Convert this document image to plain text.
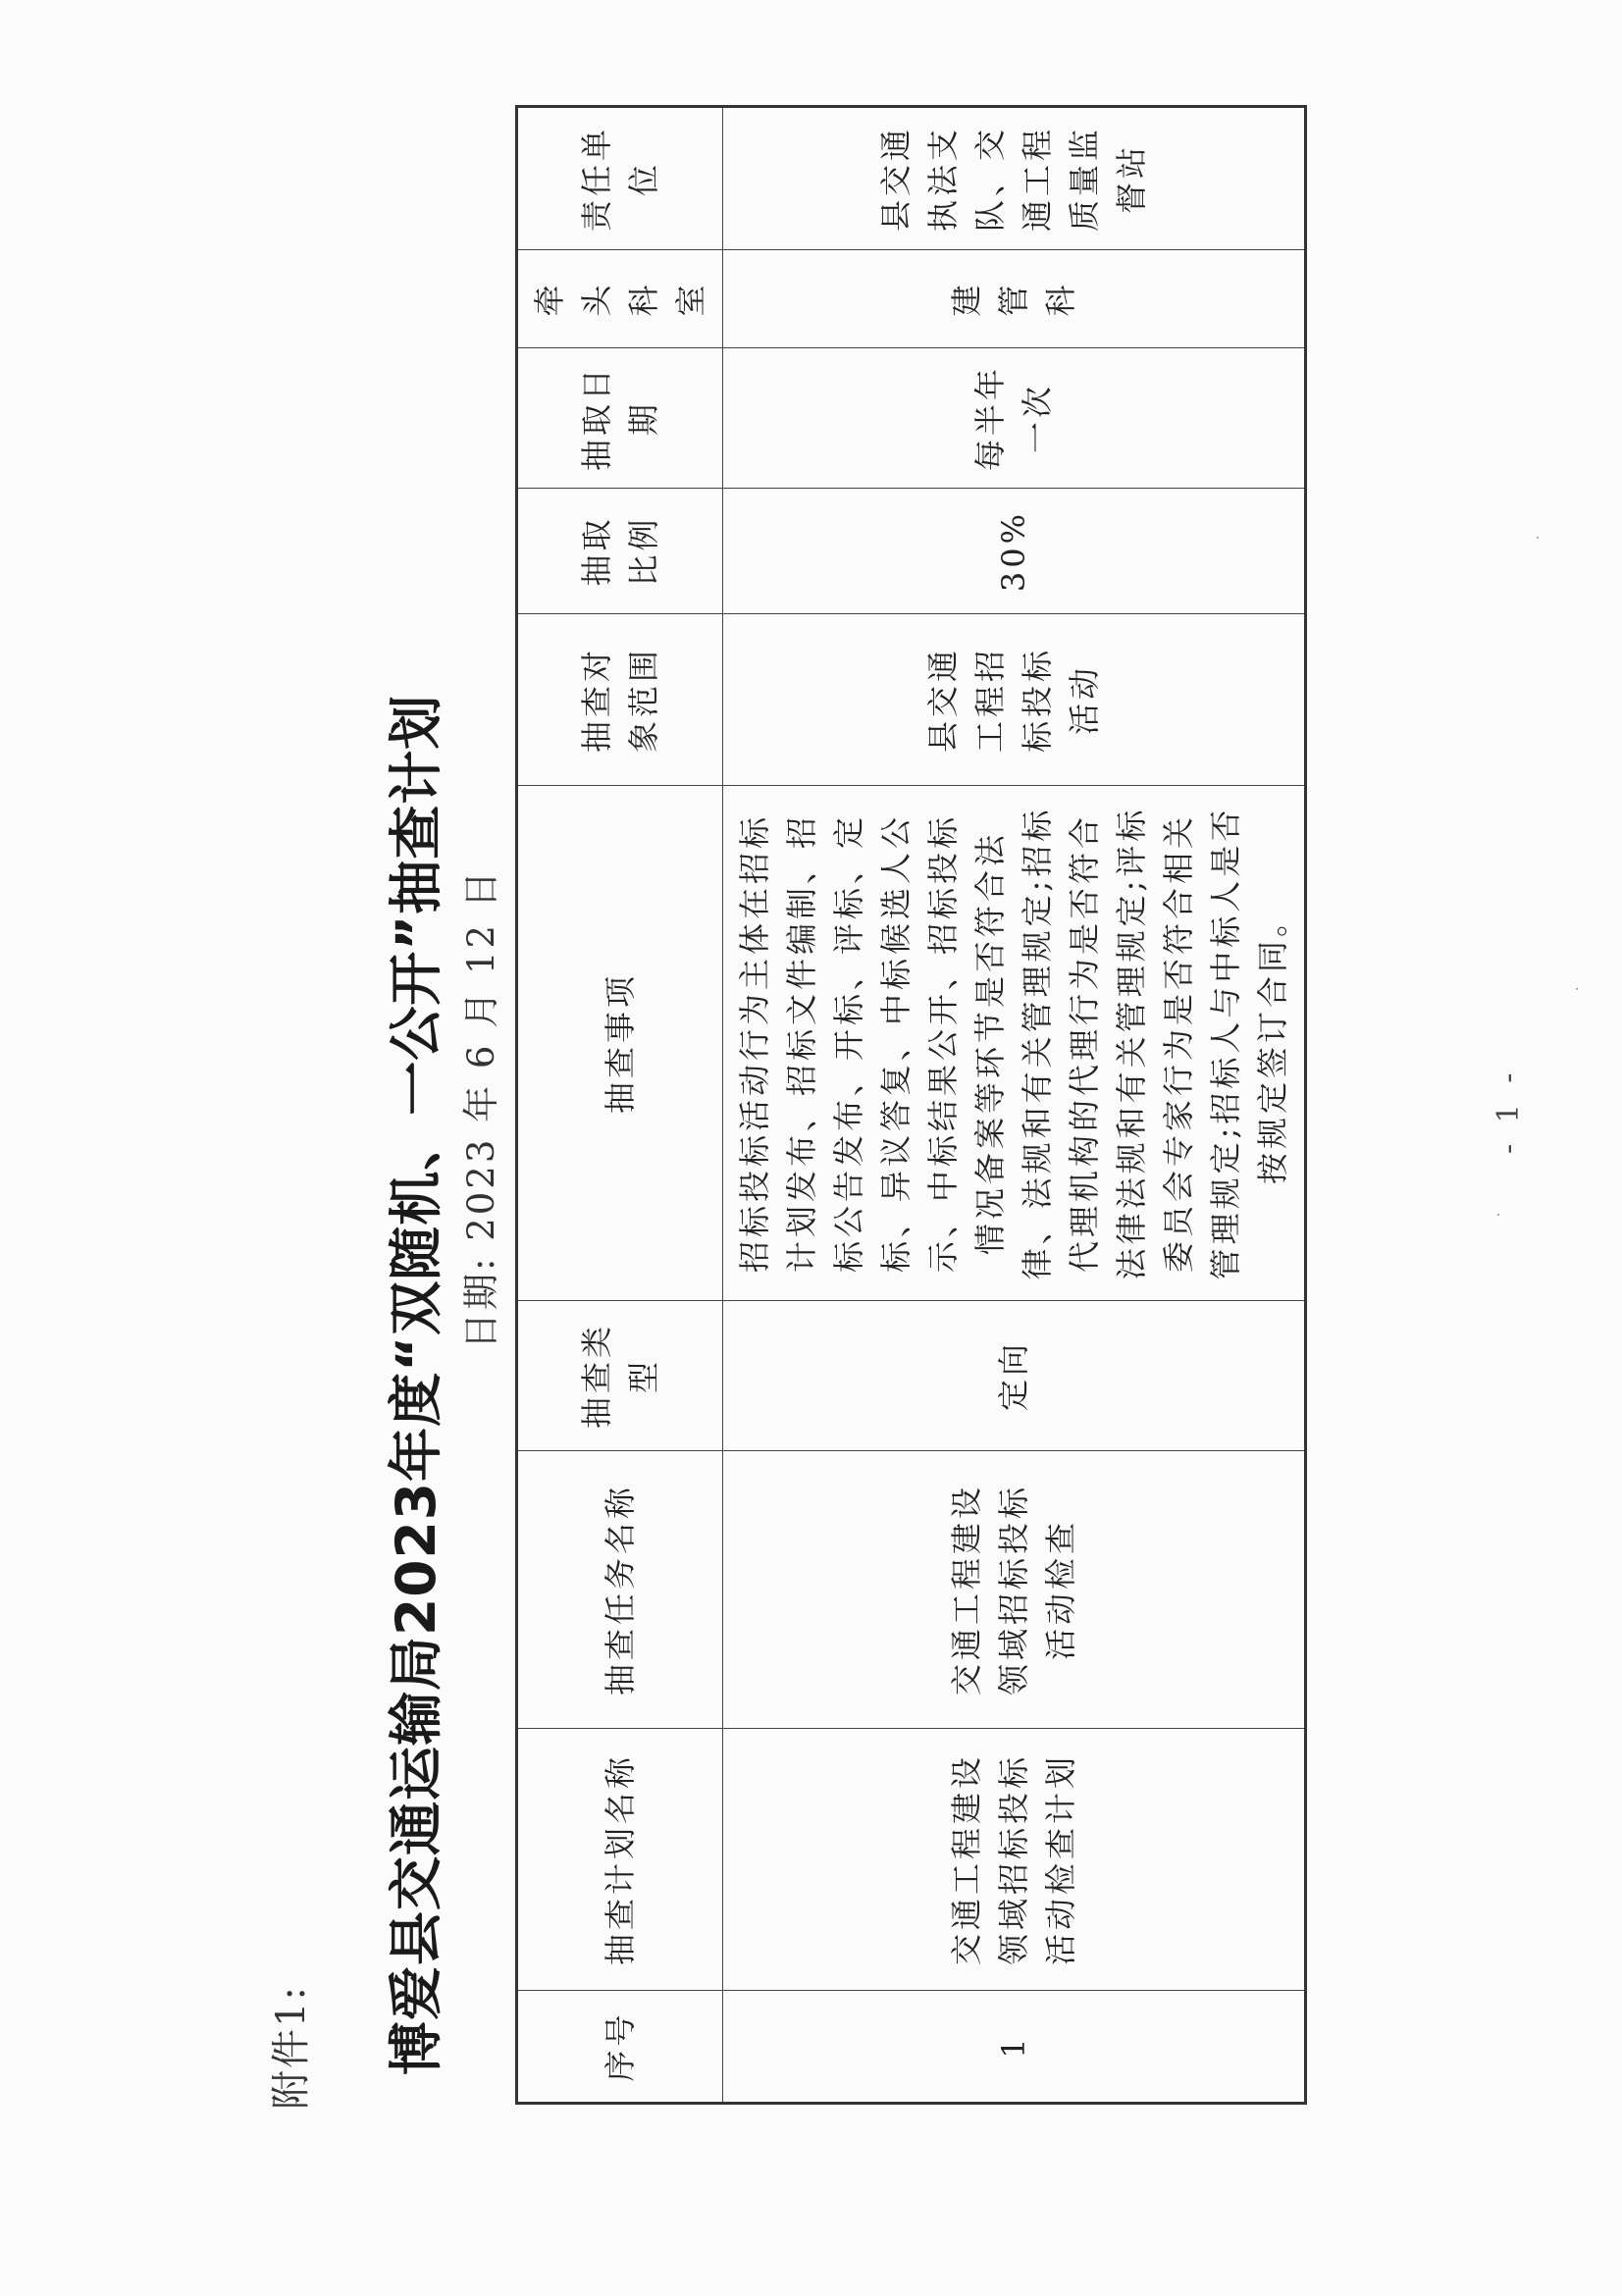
附件1: 博爱县交通运输局2023年度“双随机、一公开”抽查计划 日期: 2023 年 6 月 12 日	·
·
·
序号	抽查计划名称	抽查任务名称	抽查类型	抽查事项	抽查对象范围	抽取比例	抽取日期	牵头科室	责任单位
1	交通工程建设领域招标投标活动检查计划	交通工程建设领域招标投标活动检查	定向	招标投标活动行为主体在招标计划发布、招标文件编制、招标公告发布、开标、评标、定标、异议答复、中标候选人公示、中标结果公开、招标投标情况备案等环节是否符合法律、法规和有关管理规定;招标代理机构的代理行为是否符合法律法规和有关管理规定;评标委员会专家行为是否符合相关管理规定;招标人与中标人是否按规定签订合同。	县交通工程招标投标活动	30%	每半年一次	建管科	县交通执法支队、交通工程质量监督站
- 1 -
